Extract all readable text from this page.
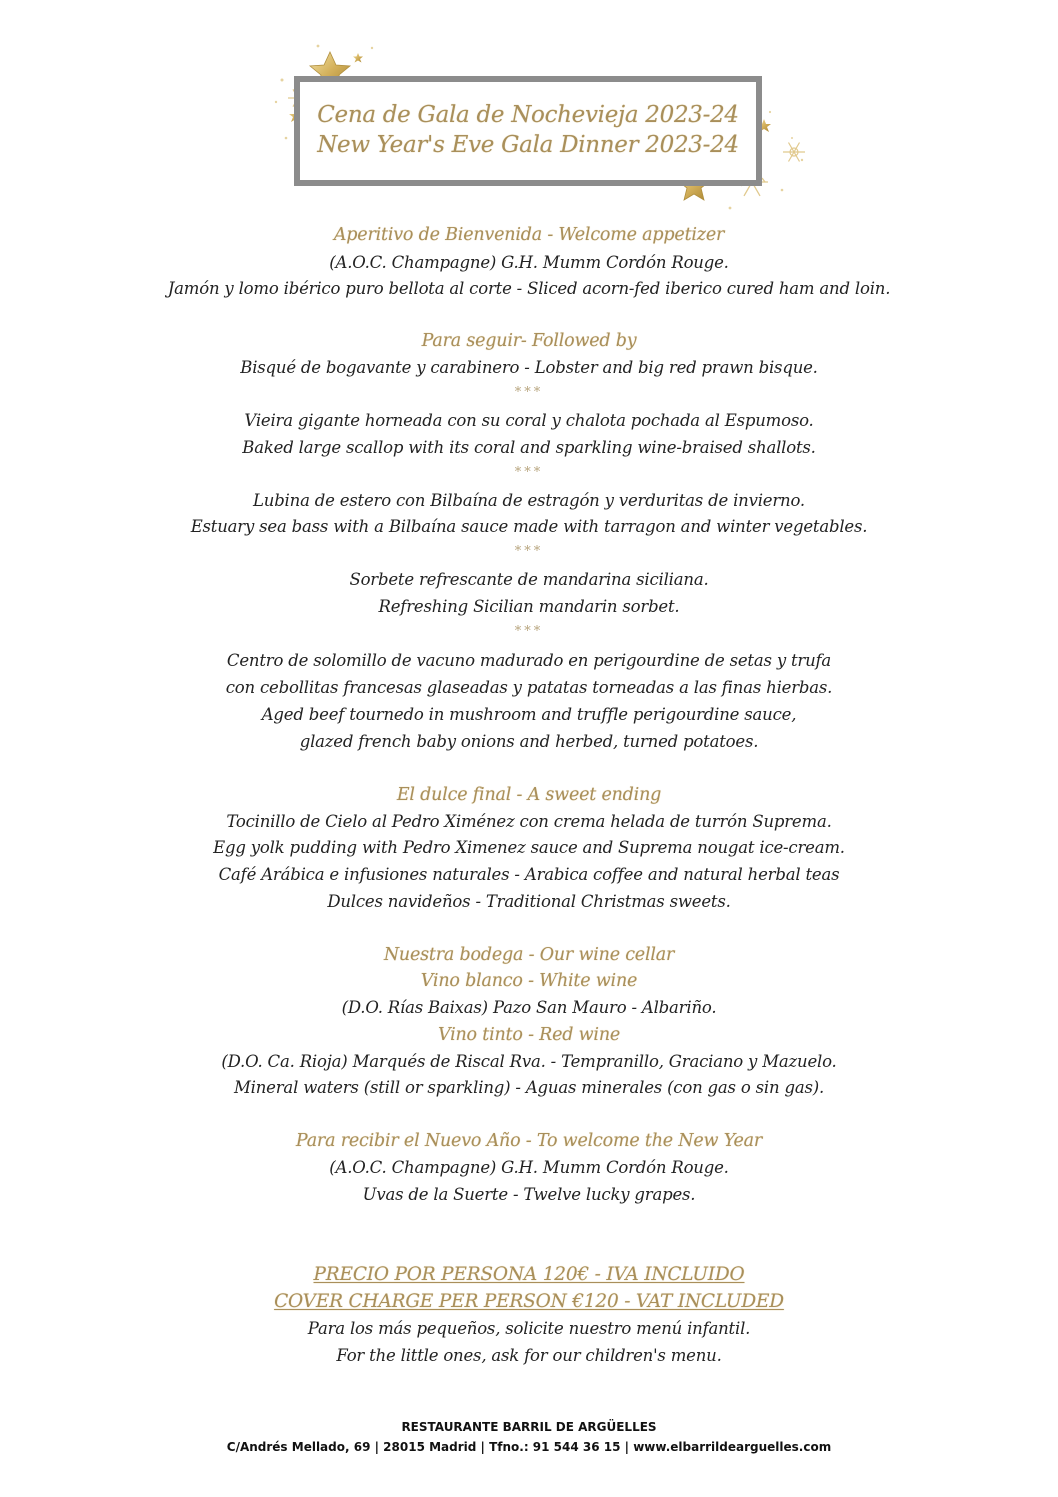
Cena de Gala de Nochevieja 2023-24
New Year's Eve Gala Dinner 2023-24
Aperitivo de Bienvenida - Welcome appetizer
(A.O.C. Champagne) G.H. Mumm Cordón Rouge.
Jamón y lomo ibérico puro bellota al corte - Sliced acorn-fed iberico cured ham and loin.
Para seguir- Followed by
Bisqué de bogavante y carabinero - Lobster and big red prawn bisque.
***
Vieira gigante horneada con su coral y chalota pochada al Espumoso.
Baked large scallop with its coral and sparkling wine-braised shallots.
***
Lubina de estero con Bilbaína de estragón y verduritas de invierno.
Estuary sea bass with a Bilbaína sauce made with tarragon and winter vegetables.
***
Sorbete refrescante de mandarina siciliana.
Refreshing Sicilian mandarin sorbet.
***
Centro de solomillo de vacuno madurado en perigourdine de setas y trufa
con cebollitas francesas glaseadas y patatas torneadas a las finas hierbas.
Aged beef tournedo in mushroom and truffle perigourdine sauce,
glazed french baby onions and herbed, turned potatoes.
El dulce final - A sweet ending
Tocinillo de Cielo al Pedro Ximénez con crema helada de turrón Suprema.
Egg yolk pudding with Pedro Ximenez sauce and Suprema nougat ice-cream.
Café Arábica e infusiones naturales - Arabica coffee and natural herbal teas
Dulces navideños - Traditional Christmas sweets.
Nuestra bodega - Our wine cellar
Vino blanco - White wine
(D.O. Rías Baixas) Pazo San Mauro - Albariño.
Vino tinto - Red wine
(D.O. Ca. Rioja) Marqués de Riscal Rva. - Tempranillo, Graciano y Mazuelo.
Mineral waters (still or sparkling) - Aguas minerales (con gas o sin gas).
Para recibir el Nuevo Año - To welcome the New Year
(A.O.C. Champagne) G.H. Mumm Cordón Rouge.
Uvas de la Suerte - Twelve lucky grapes.
PRECIO POR PERSONA 120€ - IVA INCLUIDO
COVER CHARGE PER PERSON €120 - VAT INCLUDED
Para los más pequeños, solicite nuestro menú infantil.
For the little ones, ask for our children's menu.
RESTAURANTE BARRIL DE ARGÜELLES
C/Andrés Mellado, 69 | 28015 Madrid | Tfno.: 91 544 36 15 | www.elbarrildearguelles.com
